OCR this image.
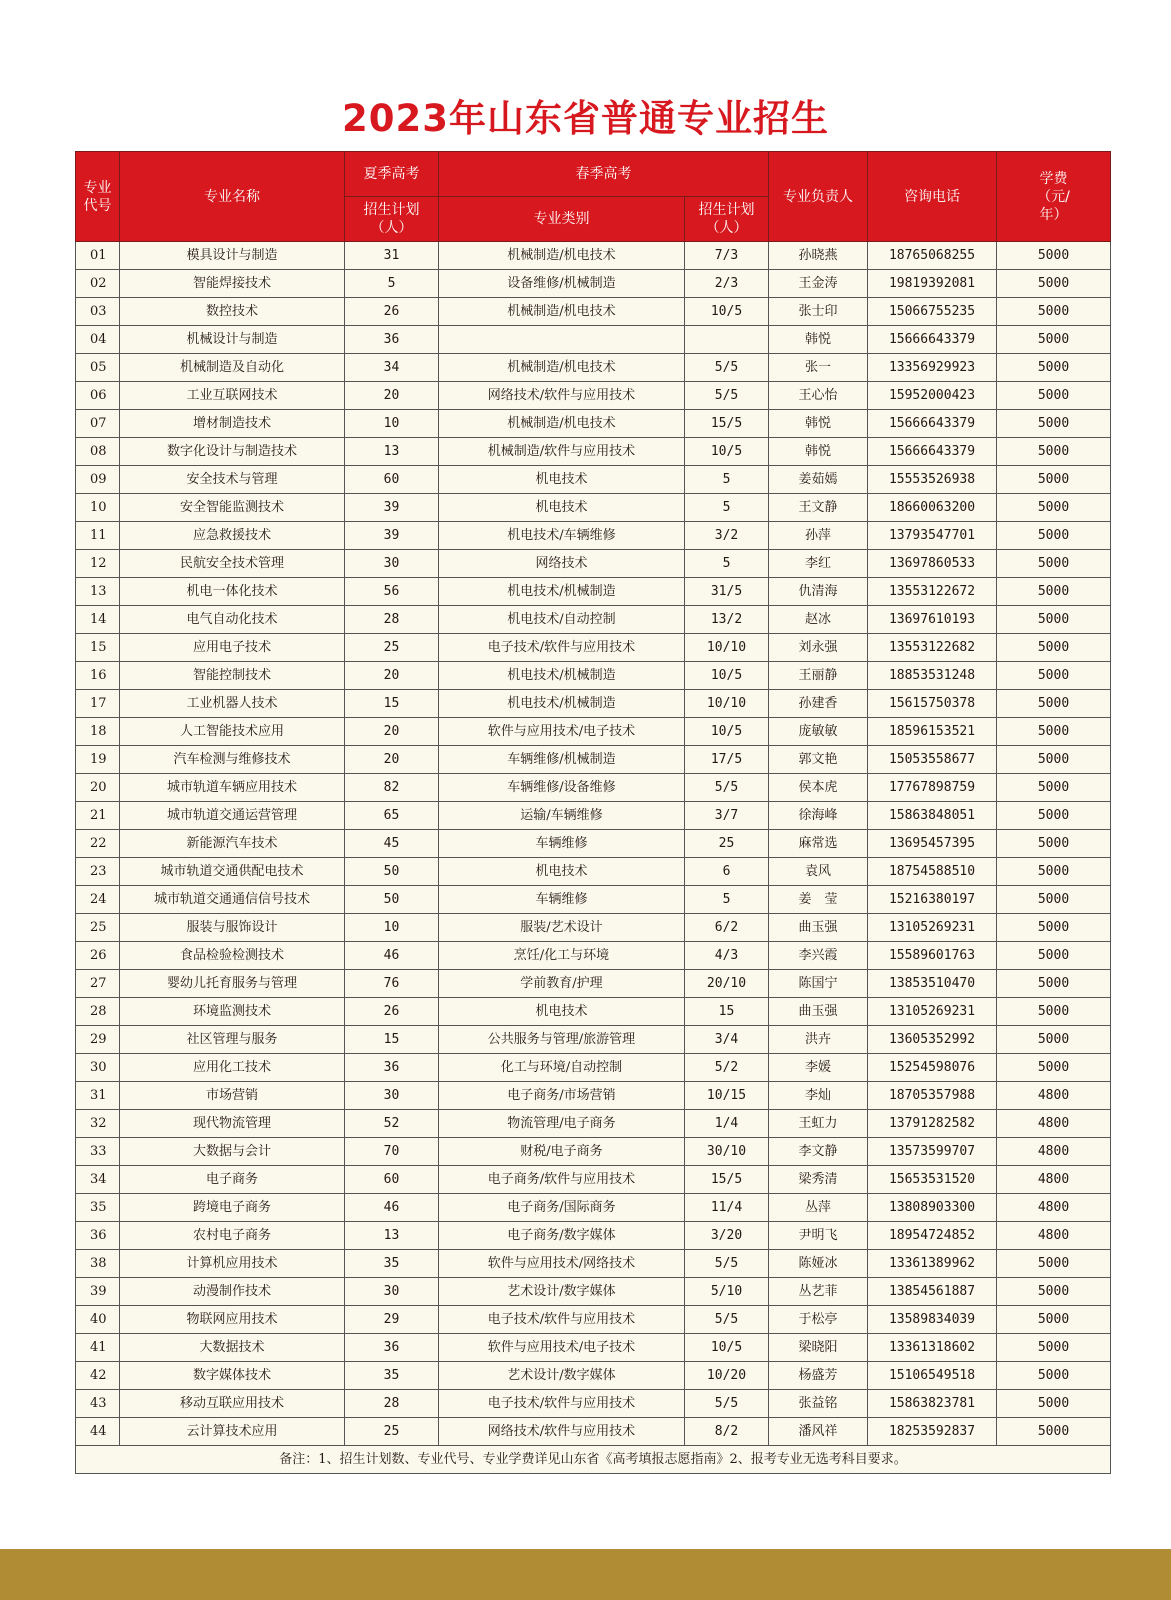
2023年山东省普通专业招生
专业代号	专业名称	夏季高考	春季高考		专业负责人	咨询电话	学费（元/年）
		招生计划（人）	专业类别	招生计划（人）			
01	模具设计与制造	31	机械制造/机电技术	7/3	孙晓燕	18765068255	5000
02	智能焊接技术	5	设备维修/机械制造	2/3	王金涛	19819392081	5000
03	数控技术	26	机械制造/机电技术	10/5	张士印	15066755235	5000
04	机械设计与制造	36			韩悦	15666643379	5000
05	机械制造及自动化	34	机械制造/机电技术	5/5	张一	13356929923	5000
06	工业互联网技术	20	网络技术/软件与应用技术	5/5	王心怡	15952000423	5000
07	增材制造技术	10	机械制造/机电技术	15/5	韩悦	15666643379	5000
08	数字化设计与制造技术	13	机械制造/软件与应用技术	10/5	韩悦	15666643379	5000
09	安全技术与管理	60	机电技术	5	姜茹嫣	15553526938	5000
10	安全智能监测技术	39	机电技术	5	王文静	18660063200	5000
11	应急救援技术	39	机电技术/车辆维修	3/2	孙萍	13793547701	5000
12	民航安全技术管理	30	网络技术	5	李红	13697860533	5000
13	机电一体化技术	56	机电技术/机械制造	31/5	仇清海	13553122672	5000
14	电气自动化技术	28	机电技术/自动控制	13/2	赵冰	13697610193	5000
15	应用电子技术	25	电子技术/软件与应用技术	10/10	刘永强	13553122682	5000
16	智能控制技术	20	机电技术/机械制造	10/5	王丽静	18853531248	5000
17	工业机器人技术	15	机电技术/机械制造	10/10	孙建香	15615750378	5000
18	人工智能技术应用	20	软件与应用技术/电子技术	10/5	庞敏敏	18596153521	5000
19	汽车检测与维修技术	20	车辆维修/机械制造	17/5	郭文艳	15053558677	5000
20	城市轨道车辆应用技术	82	车辆维修/设备维修	5/5	侯本虎	17767898759	5000
21	城市轨道交通运营管理	65	运输/车辆维修	3/7	徐海峰	15863848051	5000
22	新能源汽车技术	45	车辆维修	25	麻常选	13695457395	5000
23	城市轨道交通供配电技术	50	机电技术	6	袁风	18754588510	5000
24	城市轨道交通通信信号技术	50	车辆维修	5	姜　莹	15216380197	5000
25	服装与服饰设计	10	服装/艺术设计	6/2	曲玉强	13105269231	5000
26	食品检验检测技术	46	烹饪/化工与环境	4/3	李兴霞	15589601763	5000
27	婴幼儿托育服务与管理	76	学前教育/护理	20/10	陈国宁	13853510470	5000
28	环境监测技术	26	机电技术	15	曲玉强	13105269231	5000
29	社区管理与服务	15	公共服务与管理/旅游管理	3/4	洪卉	13605352992	5000
30	应用化工技术	36	化工与环境/自动控制	5/2	李媛	15254598076	5000
31	市场营销	30	电子商务/市场营销	10/15	李灿	18705357988	4800
32	现代物流管理	52	物流管理/电子商务	1/4	王虹力	13791282582	4800
33	大数据与会计	70	财税/电子商务	30/10	李文静	13573599707	4800
34	电子商务	60	电子商务/软件与应用技术	15/5	梁秀清	15653531520	4800
35	跨境电子商务	46	电子商务/国际商务	11/4	丛萍	13808903300	4800
36	农村电子商务	13	电子商务/数字媒体	3/20	尹明飞	18954724852	4800
38	计算机应用技术	35	软件与应用技术/网络技术	5/5	陈娅冰	13361389962	5000
39	动漫制作技术	30	艺术设计/数字媒体	5/10	丛艺菲	13854561887	5000
40	物联网应用技术	29	电子技术/软件与应用技术	5/5	于松亭	13589834039	5000
41	大数据技术	36	软件与应用技术/电子技术	10/5	梁晓阳	13361318602	5000
42	数字媒体技术	35	艺术设计/数字媒体	10/20	杨盛芳	15106549518	5000
43	移动互联应用技术	28	电子技术/软件与应用技术	5/5	张益铭	15863823781	5000
44	云计算技术应用	25	网络技术/软件与应用技术	8/2	潘风祥	18253592837	5000
备注：1、招生计划数、专业代号、专业学费详见山东省《高考填报志愿指南》2、报考专业无选考科目要求。							
